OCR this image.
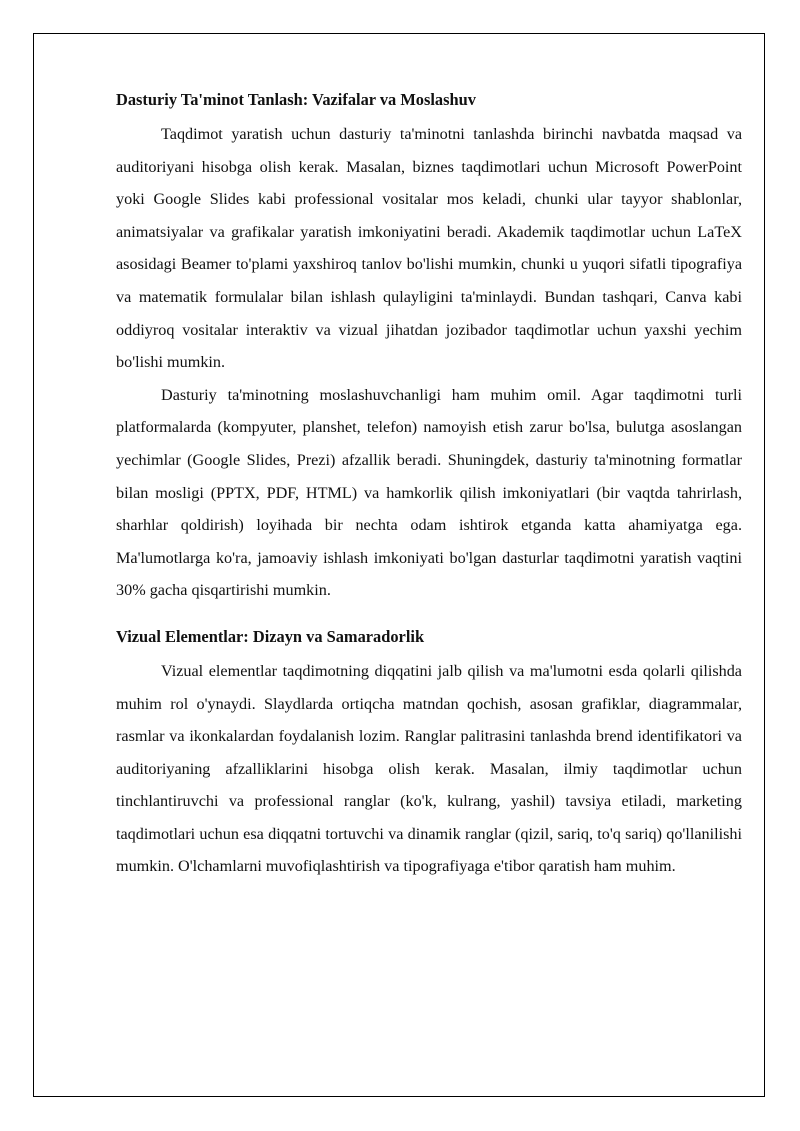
Dasturiy Ta'minot Tanlash: Vazifalar va Moslashuv

Taqdimot yaratish uchun dasturiy ta'minotni tanlashda birinchi navbatda maqsad va auditoriyani hisobga olish kerak. Masalan, biznes taqdimotlari uchun Microsoft PowerPoint yoki Google Slides kabi professional vositalar mos keladi, chunki ular tayyor shablonlar, animatsiyalar va grafikalar yaratish imkoniyatini beradi. Akademik taqdimotlar uchun LaTeX asosidagi Beamer to'plami yaxshiroq tanlov bo'lishi mumkin, chunki u yuqori sifatli tipografiya va matematik formulalar bilan ishlash qulayligini ta'minlaydi. Bundan tashqari, Canva kabi oddiyroq vositalar interaktiv va vizual jihatdan jozibador taqdimotlar uchun yaxshi yechim bo'lishi mumkin.

Dasturiy ta'minotning moslashuvchanligi ham muhim omil. Agar taqdimotni turli platformalarda (kompyuter, planshet, telefon) namoyish etish zarur bo'lsa, bulutga asoslangan yechimlar (Google Slides, Prezi) afzallik beradi. Shuningdek, dasturiy ta'minotning formatlar bilan mosligi (PPTX, PDF, HTML) va hamkorlik qilish imkoniyatlari (bir vaqtda tahrirlash, sharhlar qoldirish) loyihada bir nechta odam ishtirok etganda katta ahamiyatga ega. Ma'lumotlarga ko'ra, jamoaviy ishlash imkoniyati bo'lgan dasturlar taqdimotni yaratish vaqtini 30% gacha qisqartirishi mumkin.

Vizual Elementlar: Dizayn va Samaradorlik

Vizual elementlar taqdimotning diqqatini jalb qilish va ma'lumotni esda qolarli qilishda muhim rol o'ynaydi. Slaydlarda ortiqcha matndan qochish, asosan grafiklar, diagrammalar, rasmlar va ikonkalardan foydalanish lozim. Ranglar palitrasini tanlashda brend identifikatori va auditoriyaning afzalliklarini hisobga olish kerak. Masalan, ilmiy taqdimotlar uchun tinchlantiruvchi va professional ranglar (ko'k, kulrang, yashil) tavsiya etiladi, marketing taqdimotlari uchun esa diqqatni tortuvchi va dinamik ranglar (qizil, sariq, to'q sariq) qo'llanilishi mumkin. O'lchamlarni muvofiqlashtirish va tipografiyaga e'tibor qaratish ham muhim.
